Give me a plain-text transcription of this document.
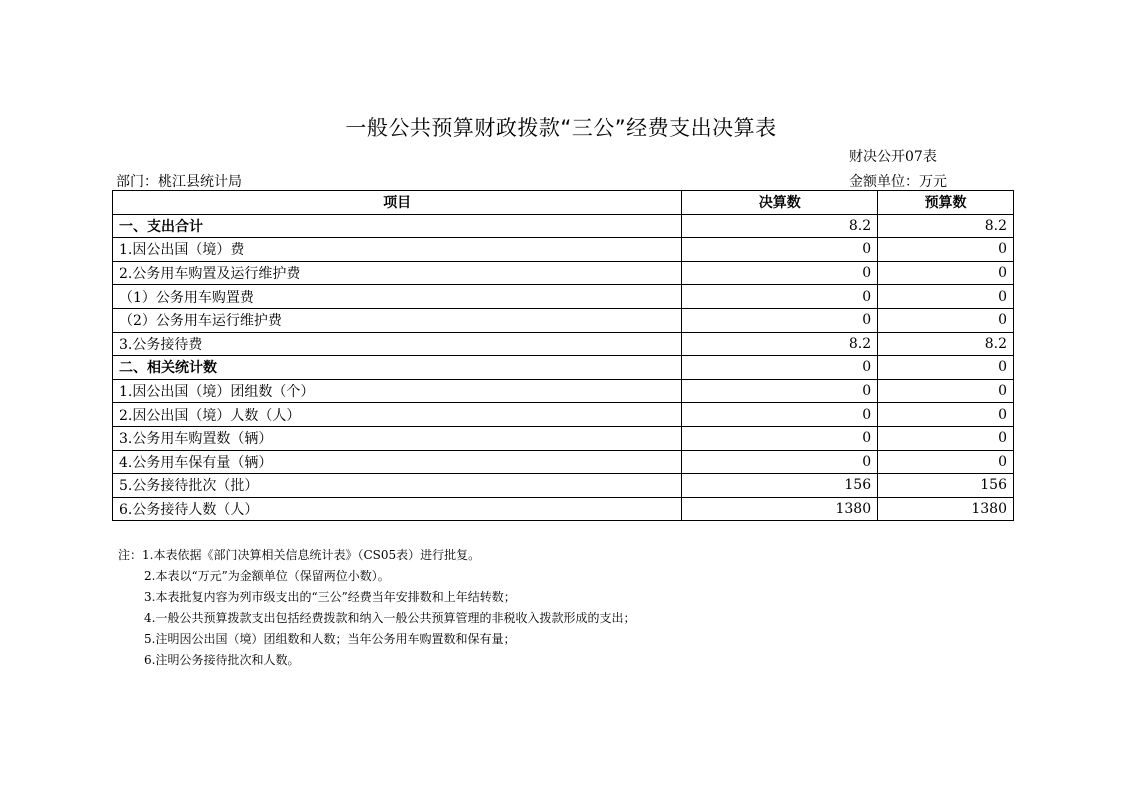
一般公共预算财政拨款“三公”经费支出决算表
财决公开07表
部门：桃江县统计局	金额单位：万元
项目	决算数	预算数
一、支出合计	8.2	8.2
1.因公出国（境）费	0	0
2.公务用车购置及运行维护费	0	0
（1）公务用车购置费	0	0
（2）公务用车运行维护费	0	0
3.公务接待费	8.2	8.2
二、相关统计数	0	0
1.因公出国（境）团组数（个）	0	0
2.因公出国（境）人数（人）	0	0
3.公务用车购置数（辆）	0	0
4.公务用车保有量（辆）	0	0
5.公务接待批次（批）	156	156
6.公务接待人数（人）	1380	1380
注：1.本表依据《部门决算相关信息统计表》（CS05表）进行批复。
2.本表以“万元”为金额单位（保留两位小数）。
3.本表批复内容为列市级支出的“三公”经费当年安排数和上年结转数；
4.一般公共预算拨款支出包括经费拨款和纳入一般公共预算管理的非税收入拨款形成的支出；
5.注明因公出国（境）团组数和人数；当年公务用车购置数和保有量；
6.注明公务接待批次和人数。
